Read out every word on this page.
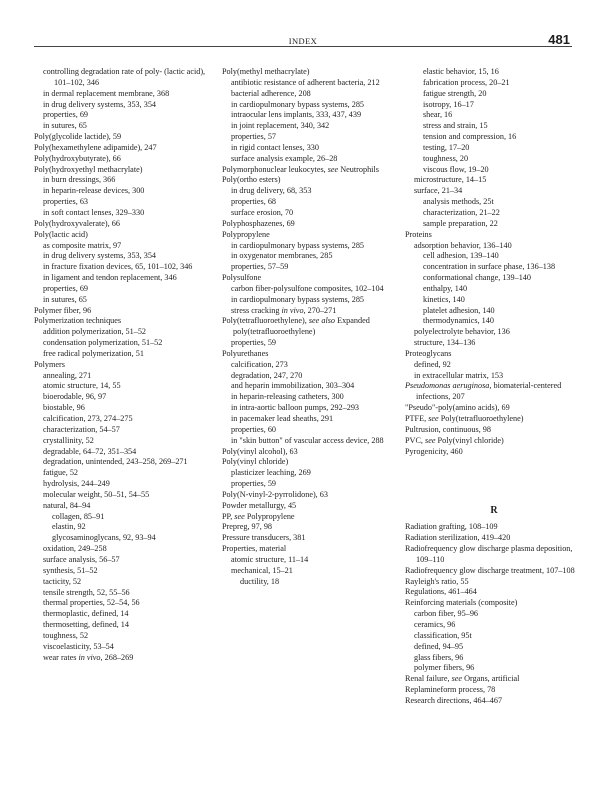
INDEX	481
controlling degradation rate of poly- (lactic acid), 101–102, 346
in dermal replacement membrane, 368
in drug delivery systems, 353, 354
properties, 69
in sutures, 65
Poly(glycolide lactide), 59
Poly(hexamethylene adipamide), 247
Poly(hydroxybutyrate), 66
Poly(hydroxyethyl methacrylate)
in burn dressings, 366
in heparin-release devices, 300
properties, 63
in soft contact lenses, 329–330
Poly(hydroxyvalerate), 66
Poly(lactic acid)
as composite matrix, 97
in drug delivery systems, 353, 354
in fracture fixation devices, 65, 101–102, 346
in ligament and tendon replacement, 346
properties, 69
in sutures, 65
Polymer fiber, 96
Polymerization techniques
addition polymerization, 51–52
condensation polymerization, 51–52
free radical polymerization, 51
Polymers
annealing, 271
atomic structure, 14, 55
bioerodable, 96, 97
biostable, 96
calcification, 273, 274–275
characterization, 54–57
crystallinity, 52
degradable, 64–72, 351–354
degradation, unintended, 243–258, 269–271
fatigue, 52
hydrolysis, 244–249
molecular weight, 50–51, 54–55
natural, 84–94
collagen, 85–91
elastin, 92
glycosaminoglycans, 92, 93–94
oxidation, 249–258
surface analysis, 56–57
synthesis, 51–52
tacticity, 52
tensile strength, 52, 55–56
thermal properties, 52–54, 56
thermoplastic, defined, 14
thermosetting, defined, 14
toughness, 52
viscoelasticity, 53–54
wear rates in vivo, 268–269
Poly(methyl methacrylate)
antibiotic resistance of adherent bacteria, 212
bacterial adherence, 208
in cardiopulmonary bypass systems, 285
intraocular lens implants, 333, 437, 439
in joint replacement, 340, 342
properties, 57
in rigid contact lenses, 330
surface analysis example, 26–28
Polymorphonuclear leukocytes, see Neutrophils
Poly(ortho esters)
in drug delivery, 68, 353
properties, 68
surface erosion, 70
Polyphosphazenes, 69
Polypropylene
in cardiopulmonary bypass systems, 285
in oxygenator membranes, 285
properties, 57–59
Polysulfone
carbon fiber-polysulfone composites, 102–104
in cardiopulmonary bypass systems, 285
stress cracking in vivo, 270–271
Poly(tetrafluoroethylene), see also Expanded poly(tetrafluoroethylene)
properties, 59
Polyurethanes
calcification, 273
degradation, 247, 270
and heparin immobilization, 303–304
in heparin-releasing catheters, 300
in intra-aortic balloon pumps, 292–293
in pacemaker lead sheaths, 291
properties, 60
in "skin button" of vascular access device, 288
Poly(vinyl alcohol), 63
Poly(vinyl chloride)
plasticizer leaching, 269
properties, 59
Poly(N-vinyl-2-pyrrolidone), 63
Powder metallurgy, 45
PP, see Polypropylene
Prepreg, 97, 98
Pressure transducers, 381
Properties, material
atomic structure, 11–14
mechanical, 15–21
ductility, 18
elastic behavior, 15, 16
fabrication process, 20–21
fatigue strength, 20
isotropy, 16–17
shear, 16
stress and strain, 15
tension and compression, 16
testing, 17–20
toughness, 20
viscous flow, 19–20
microstructure, 14–15
surface, 21–34
analysis methods, 25t
characterization, 21–22
sample preparation, 22
Proteins
adsorption behavior, 136–140
cell adhesion, 139–140
concentration in surface phase, 136–138
conformational change, 139–140
enthalpy, 140
kinetics, 140
platelet adhesion, 140
thermodynamics, 140
polyelectrolyte behavior, 136
structure, 134–136
Proteoglycans
defined, 92
in extracellular matrix, 153
Pseudomonas aeruginosa, biomaterial-centered infections, 207
"Pseudo"-poly(amino acids), 69
PTFE, see Poly(tetrafluoroethylene)
Pultrusion, continuous, 98
PVC, see Poly(vinyl chloride)
Pyrogenicity, 460
R
Radiation grafting, 108–109
Radiation sterilization, 419–420
Radiofrequency glow discharge plasma deposition, 109–110
Radiofrequency glow discharge treatment, 107–108
Rayleigh's ratio, 55
Regulations, 461–464
Reinforcing materials (composite)
carbon fiber, 95–96
ceramics, 96
classification, 95t
defined, 94–95
glass fibers, 96
polymer fibers, 96
Renal failure, see Organs, artificial
Replamineform process, 78
Research directions, 464–467
